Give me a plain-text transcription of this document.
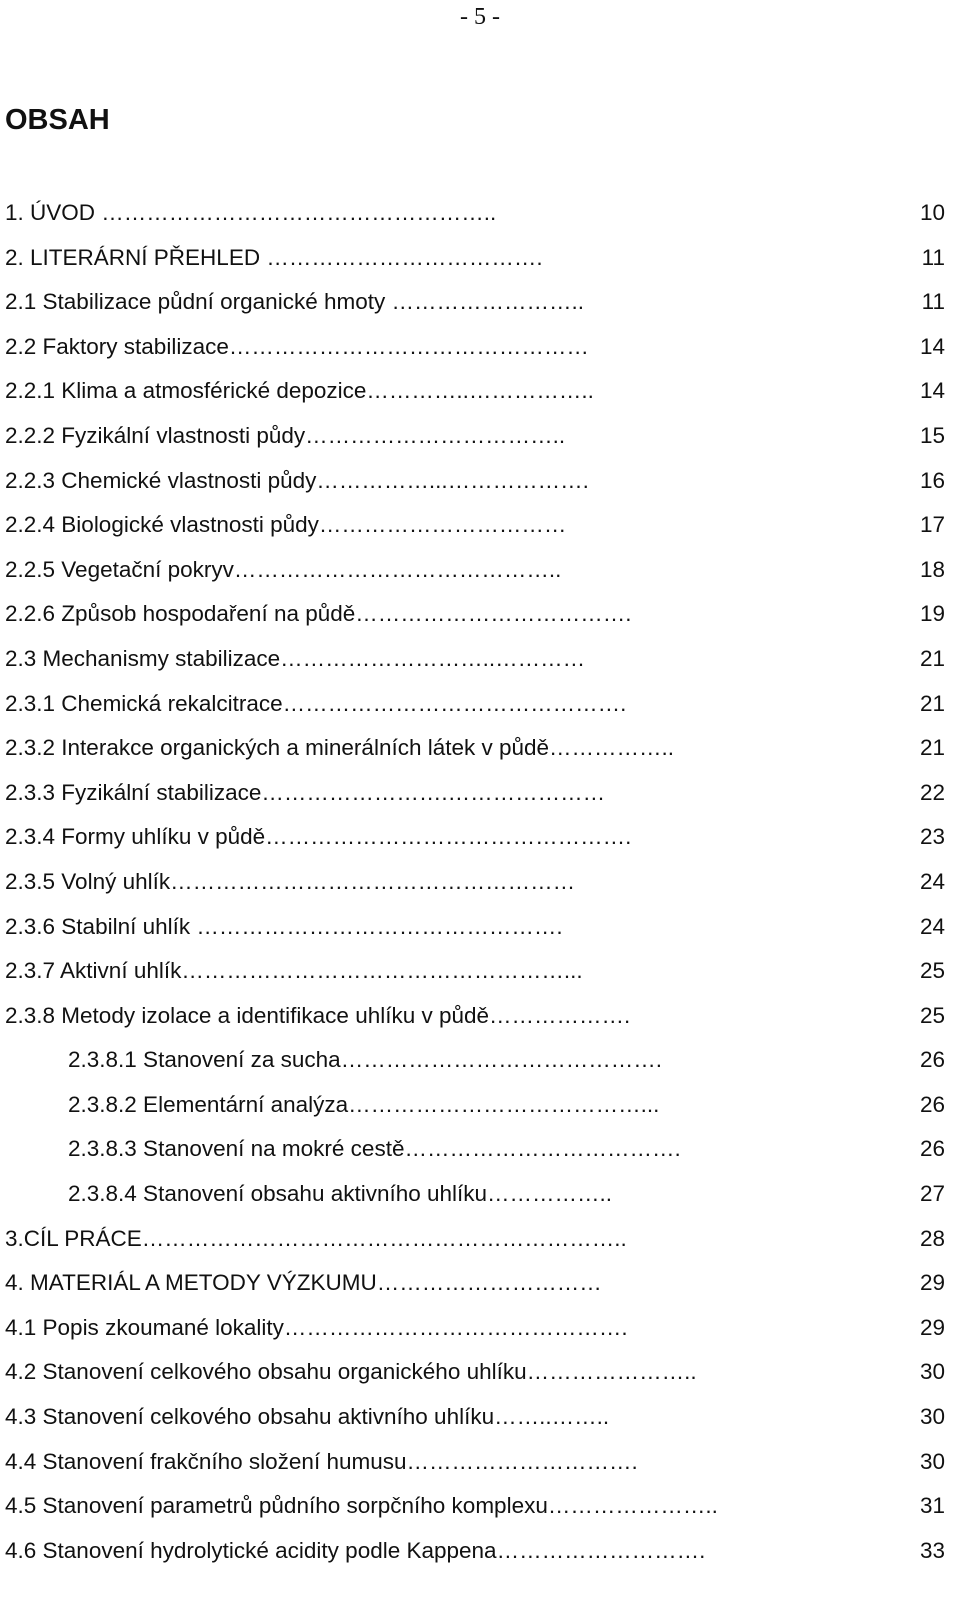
- 5 -
OBSAH
1. ÚVOD ……………………………………………..	10
2. LITERÁRNÍ PŘEHLED ……………………………….	11
2.1 Stabilizace půdní organické hmoty ……………………..	11
2.2 Faktory stabilizace…………………………………………	14
2.2.1 Klima a atmosférické depozice…………..……………..	14
2.2.2 Fyzikální vlastnosti půdy……………………………..	15
2.2.3 Chemické vlastnosti půdy……………...……………….	16
2.2.4 Biologické vlastnosti půdy……………………………	17
2.2.5 Vegetační pokryv……………………………………..	18
2.2.6 Způsob hospodaření na půdě……………………………….	19
2.3 Mechanismy stabilizace………………………..…………	21
2.3.1 Chemická rekalcitrace……………………………………….	21
2.3.2 Interakce organických a minerálních látek v půdě……………..	21
2.3.3 Fyzikální stabilizace…………………….…………………	22
2.3.4 Formy uhlíku v půdě………………………………………….	23
2.3.5 Volný uhlík………………………………………………	24
2.3.6 Stabilní uhlík ………………………………………….	24
2.3.7 Aktivní uhlík……………………………………………...	25
2.3.8 Metody izolace a identifikace uhlíku v půdě……………….	25
2.3.8.1 Stanovení za sucha…………………………………….	26
2.3.8.2 Elementární analýza…………………………………...	26
2.3.8.3 Stanovení na mokré cestě……………………………….	26
2.3.8.4 Stanovení obsahu aktivního uhlíku……………..	27
3.CÍL PRÁCE………………………………………………………..	28
4. MATERIÁL A METODY VÝZKUMU…………………………	29
4.1 Popis zkoumané lokality……………………………………….	29
4.2 Stanovení celkového obsahu organického uhlíku…………………..	30
4.3 Stanovení celkového obsahu aktivního uhlíku……..……..	30
4.4 Stanovení frakčního složení humusu………………………….	30
4.5 Stanovení parametrů půdního sorpčního komplexu…………………..	31
4.6 Stanovení hydrolytické acidity podle Kappena……………………….	33
